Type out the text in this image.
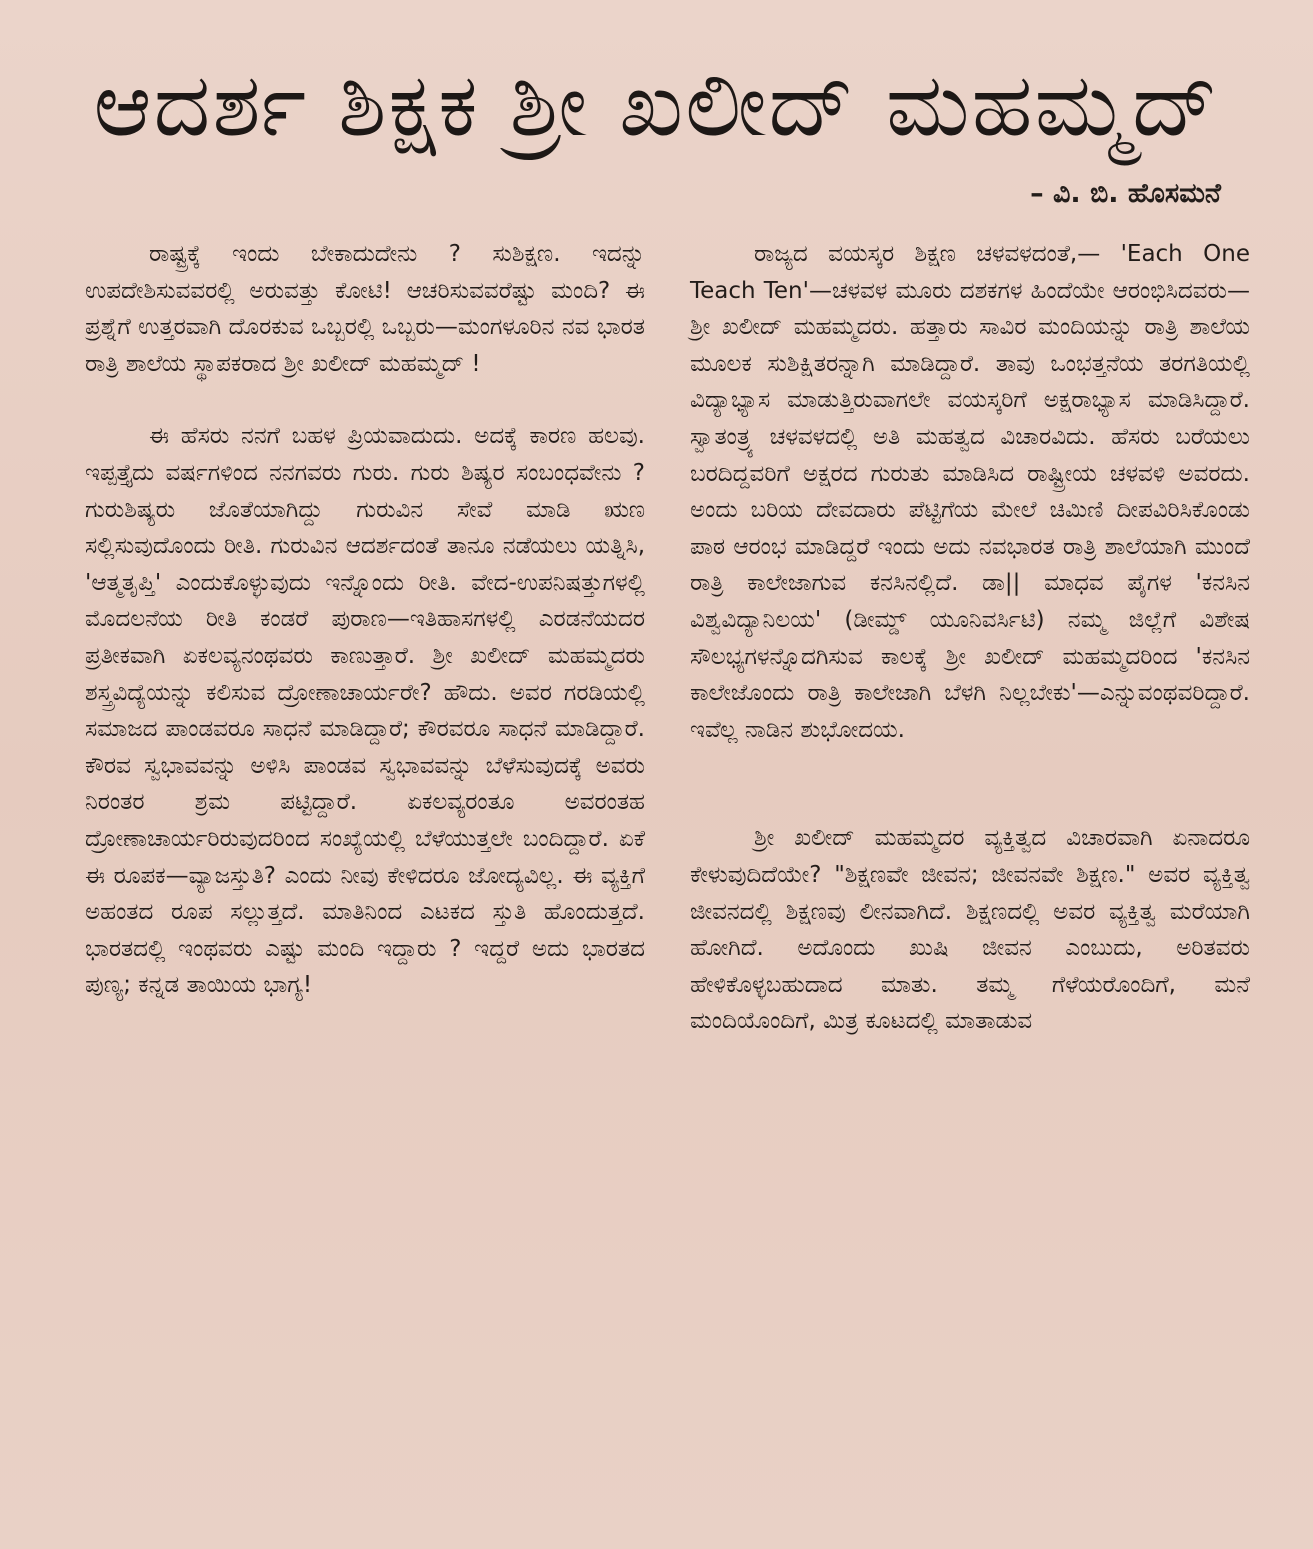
ಆದರ್ಶ ಶಿಕ್ಷಕ ಶ್ರೀ ಖಲೀದ್ ಮಹಮ್ಮದ್

– ವಿ. ಬಿ. ಹೊಸಮನೆ

ರಾಷ್ಟ್ರಕ್ಕೆ ಇಂದು ಬೇಕಾದುದೇನು ? ಸುಶಿಕ್ಷಣ. ಇದನ್ನು ಉಪದೇಶಿಸುವವರಲ್ಲಿ ಅರುವತ್ತು ಕೋಟಿ! ಆಚರಿಸುವವರೆಷ್ಟು ಮಂದಿ? ಈ ಪ್ರಶ್ನೆಗೆ ಉತ್ತರವಾಗಿ ದೊರಕುವ ಒಬ್ಬರಲ್ಲಿ ಒಬ್ಬರು—ಮಂಗಳೂರಿನ ನವ ಭಾರತ ರಾತ್ರಿ ಶಾಲೆಯ ಸ್ಥಾಪಕರಾದ ಶ್ರೀ ಖಲೀದ್ ಮಹಮ್ಮದ್ !

ಈ ಹೆಸರು ನನಗೆ ಬಹಳ ಪ್ರಿಯವಾದುದು. ಅದಕ್ಕೆ ಕಾರಣ ಹಲವು. ಇಪ್ಪತ್ತೈದು ವರ್ಷಗಳಿಂದ ನನಗವರು ಗುರು. ಗುರು ಶಿಷ್ಯರ ಸಂಬಂಧವೇನು ? ಗುರುಶಿಷ್ಯರು ಜೊತೆಯಾಗಿದ್ದು ಗುರುವಿನ ಸೇವೆ ಮಾಡಿ ಋಣ ಸಲ್ಲಿಸುವುದೊಂದು ರೀತಿ. ಗುರುವಿನ ಆದರ್ಶದಂತೆ ತಾನೂ ನಡೆಯಲು ಯತ್ನಿಸಿ, 'ಆತ್ಮತೃಪ್ತಿ' ಎಂದುಕೊಳ್ಳುವುದು ಇನ್ನೊಂದು ರೀತಿ. ವೇದ-ಉಪನಿಷತ್ತುಗಳಲ್ಲಿ ಮೊದಲನೆಯ ರೀತಿ ಕಂಡರೆ ಪುರಾಣ—ಇತಿಹಾಸಗಳಲ್ಲಿ ಎರಡನೆಯದರ ಪ್ರತೀಕವಾಗಿ ಏಕಲವ್ಯನಂಥವರು ಕಾಣುತ್ತಾರೆ. ಶ್ರೀ ಖಲೀದ್ ಮಹಮ್ಮದರು ಶಸ್ತ್ರವಿದ್ಯೆಯನ್ನು ಕಲಿಸುವ ದ್ರೋಣಾಚಾರ್ಯರೇ? ಹೌದು. ಅವರ ಗರಡಿಯಲ್ಲಿ ಸಮಾಜದ ಪಾಂಡವರೂ ಸಾಧನೆ ಮಾಡಿದ್ದಾರೆ; ಕೌರವರೂ ಸಾಧನೆ ಮಾಡಿದ್ದಾರೆ. ಕೌರವ ಸ್ವಭಾವವನ್ನು ಅಳಿಸಿ ಪಾಂಡವ ಸ್ವಭಾವವನ್ನು ಬೆಳೆಸುವುದಕ್ಕೆ ಅವರು ನಿರಂತರ ಶ್ರಮ ಪಟ್ಟಿದ್ದಾರೆ. ಏಕಲವ್ಯರಂತೂ ಅವರಂತಹ ದ್ರೋಣಾಚಾರ್ಯರಿರುವುದರಿಂದ ಸಂಖ್ಯೆಯಲ್ಲಿ ಬೆಳೆಯುತ್ತಲೇ ಬಂದಿದ್ದಾರೆ. ಏಕೆ ಈ ರೂಪಕ—ವ್ಯಾಜಸ್ತುತಿ? ಎಂದು ನೀವು ಕೇಳಿದರೂ ಜೋದ್ಯವಿಲ್ಲ. ಈ ವ್ಯಕ್ತಿಗೆ ಅಹಂತದ ರೂಪ ಸಲ್ಲುತ್ತದೆ. ಮಾತಿನಿಂದ ಎಟಕದ ಸ್ತುತಿ ಹೊಂದುತ್ತದೆ. ಭಾರತದಲ್ಲಿ ಇಂಥವರು ಎಷ್ಟು ಮಂದಿ ಇದ್ದಾರು ? ಇದ್ದರೆ ಅದು ಭಾರತದ ಪುಣ್ಯ; ಕನ್ನಡ ತಾಯಿಯ ಭಾಗ್ಯ!

ರಾಜ್ಯದ ವಯಸ್ಕರ ಶಿಕ್ಷಣ ಚಳವಳದಂತೆ,— 'Each One Teach Ten'—ಚಳವಳ ಮೂರು ದಶಕಗಳ ಹಿಂದೆಯೇ ಆರಂಭಿಸಿದವರು—ಶ್ರೀ ಖಲೀದ್ ಮಹಮ್ಮದರು. ಹತ್ತಾರು ಸಾವಿರ ಮಂದಿಯನ್ನು ರಾತ್ರಿ ಶಾಲೆಯ ಮೂಲಕ ಸುಶಿಕ್ಷಿತರನ್ನಾಗಿ ಮಾಡಿದ್ದಾರೆ. ತಾವು ಒಂಭತ್ತನೆಯ ತರಗತಿಯಲ್ಲಿ ವಿದ್ಯಾಭ್ಯಾಸ ಮಾಡುತ್ತಿರುವಾಗಲೇ ವಯಸ್ಕರಿಗೆ ಅಕ್ಷರಾಭ್ಯಾಸ ಮಾಡಿಸಿದ್ದಾರೆ. ಸ್ವಾತಂತ್ರ್ಯ ಚಳವಳದಲ್ಲಿ ಅತಿ ಮಹತ್ವದ ವಿಚಾರವಿದು. ಹೆಸರು ಬರೆಯಲು ಬರದಿದ್ದವರಿಗೆ ಅಕ್ಷರದ ಗುರುತು ಮಾಡಿಸಿದ ರಾಷ್ಟ್ರೀಯ ಚಳವಳಿ ಅವರದು. ಅಂದು ಬರಿಯ ದೇವದಾರು ಪೆಟ್ಟಿಗೆಯ ಮೇಲೆ ಚಿಮಿಣಿ ದೀಪವಿರಿಸಿಕೊಂಡು ಪಾಠ ಆರಂಭ ಮಾಡಿದ್ದರೆ ಇಂದು ಅದು ನವಭಾರತ ರಾತ್ರಿ ಶಾಲೆಯಾಗಿ ಮುಂದೆ ರಾತ್ರಿ ಕಾಲೇಜಾಗುವ ಕನಸಿನಲ್ಲಿದೆ. ಡಾ|| ಮಾಧವ ಪೈಗಳ 'ಕನಸಿನ ವಿಶ್ವವಿದ್ಯಾನಿಲಯ' (ಡೀಮ್ಡ್ ಯೂನಿವರ್ಸಿಟಿ) ನಮ್ಮ ಜಿಲ್ಲೆಗೆ ವಿಶೇಷ ಸೌಲಭ್ಯಗಳನ್ನೊದಗಿಸುವ ಕಾಲಕ್ಕೆ ಶ್ರೀ ಖಲೀದ್ ಮಹಮ್ಮದರಿಂದ 'ಕನಸಿನ ಕಾಲೇಜೊಂದು ರಾತ್ರಿ ಕಾಲೇಜಾಗಿ ಬೆಳಗಿ ನಿಲ್ಲಬೇಕು'—ಎನ್ನುವಂಥವರಿದ್ದಾರೆ. ಇವೆಲ್ಲ ನಾಡಿನ ಶುಭೋದಯ.

ಶ್ರೀ ಖಲೀದ್ ಮಹಮ್ಮದರ ವ್ಯಕ್ತಿತ್ವದ ವಿಚಾರವಾಗಿ ಏನಾದರೂ ಕೇಳುವುದಿದೆಯೇ? "ಶಿಕ್ಷಣವೇ ಜೀವನ; ಜೀವನವೇ ಶಿಕ್ಷಣ." ಅವರ ವ್ಯಕ್ತಿತ್ವ ಜೀವನದಲ್ಲಿ ಶಿಕ್ಷಣವು ಲೀನವಾಗಿದೆ. ಶಿಕ್ಷಣದಲ್ಲಿ ಅವರ ವ್ಯಕ್ತಿತ್ವ ಮರೆಯಾಗಿ ಹೋಗಿದೆ. ಅದೊಂದು ಖುಷಿ ಜೀವನ ಎಂಬುದು, ಅರಿತವರು ಹೇಳಿಕೊಳ್ಳಬಹುದಾದ ಮಾತು. ತಮ್ಮ ಗೆಳೆಯರೊಂದಿಗೆ, ಮನೆ ಮಂದಿಯೊಂದಿಗೆ, ಮಿತ್ರ ಕೂಟದಲ್ಲಿ ಮಾತಾಡುವ
